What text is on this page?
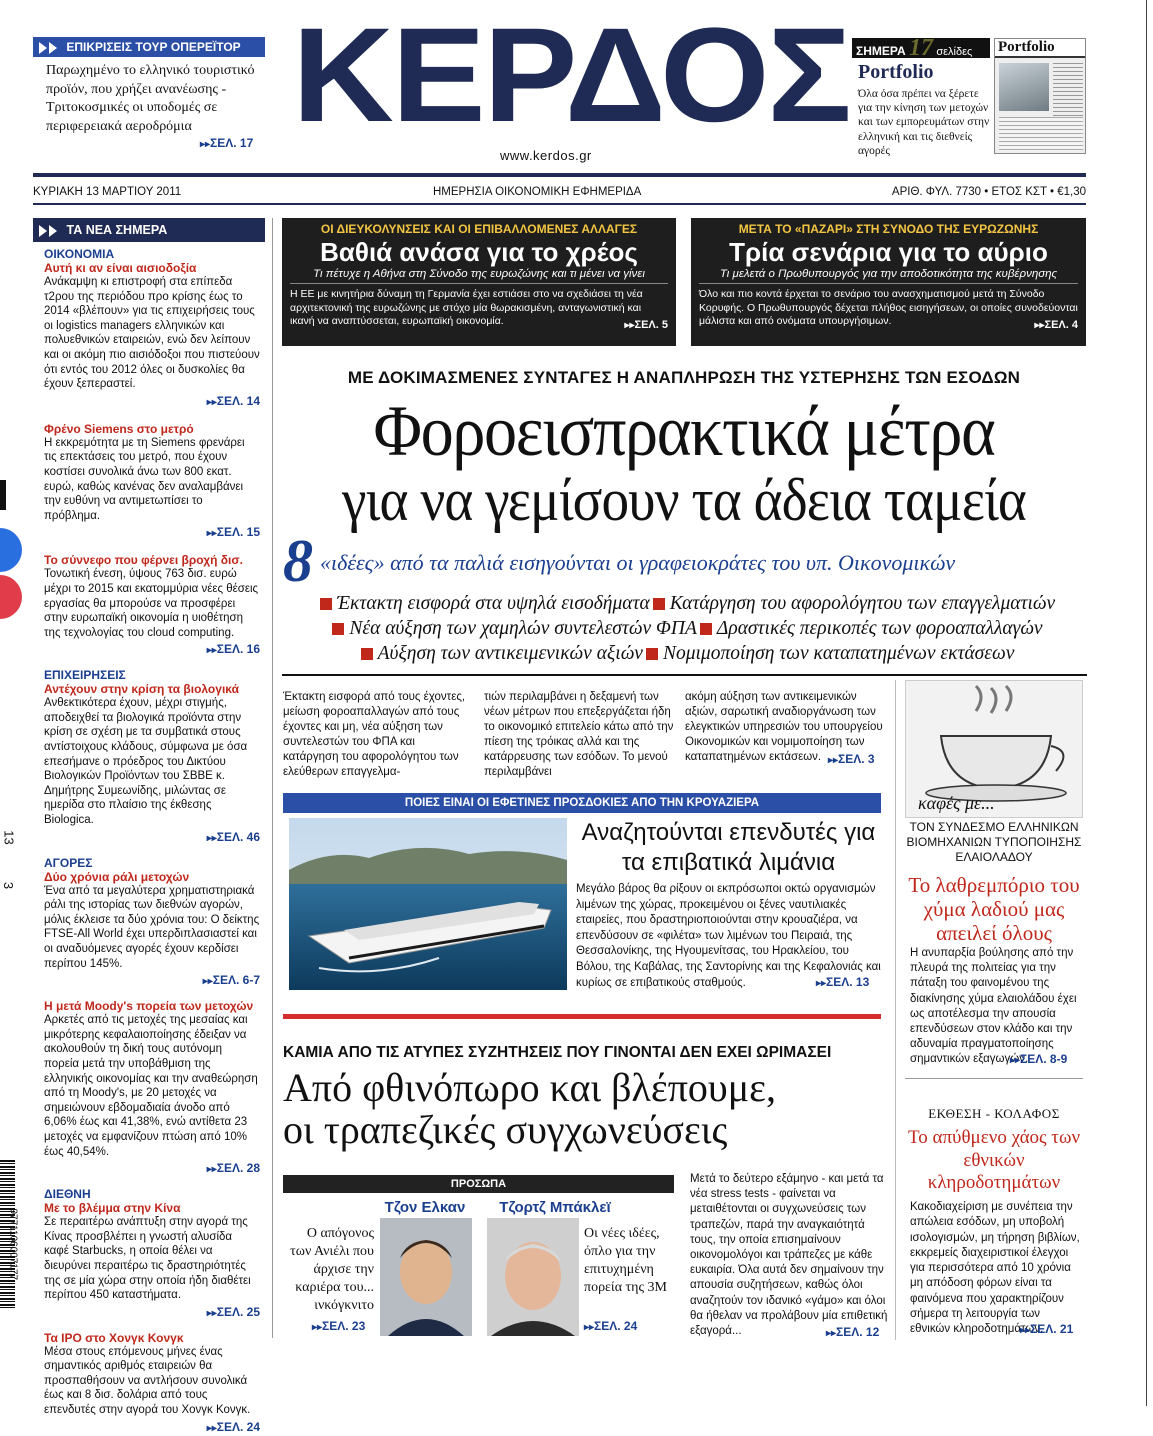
13
3
9771106007177
ΕΠΙΚΡΙΣΕΙΣ ΤΟΥΡ ΟΠΕΡΕΪΤΟΡ
Παρωχημένο το ελληνικό τουριστικό προϊόν, που χρήζει ανανέωσης - Τριτοκοσμικές οι υποδομές σε περιφερειακά αεροδρόμια
▸▸ ΣΕΛ. 17 ΚΕΡΔΟΣ
www.kerdos.gr
ΣΗΜΕΡΑ 17 σελίδες
Portfolio
Όλα όσα πρέπει να ξέρετε για την κίνηση των μετοχών και των εμπορευμάτων στην ελληνική και τις διεθνείς αγορές
Portfolio
ΚΥΡΙΑΚΗ 13 ΜΑΡΤΙΟΥ 2011	ΗΜΕΡΗΣΙΑ ΟΙΚΟΝΟΜΙΚΗ ΕΦΗΜΕΡΙΔΑ	ΑΡΙΘ. ΦΥΛ. 7730 • ΕΤΟΣ ΚΣΤ • €1,30
ΤΑ ΝΕΑ ΣΗΜΕΡΑ
ΟΙΚΟΝΟΜΙΑ
Αυτή κι αν είναι αισιοδοξία
Ανάκαμψη κι επιστροφή στα επίπεδα τ2ρου της περιόδου προ κρίσης έως το 2014 «βλέπουν» για τις επιχειρήσεις τους οι logistics managers ελληνικών και πολυεθνικών εταιρειών, ενώ δεν λείπουν και οι ακόμη πιο αισιόδοξοι που πιστεύουν ότι εντός του 2012 όλες οι δυσκολίες θα έχουν ξεπεραστεί.
▸▸ ΣΕΛ. 14
Φρένο Siemens στο μετρό
Η εκκρεμότητα με τη Siemens φρενάρει τις επεκτάσεις του μετρό, που έχουν κοστίσει συνολικά άνω των 800 εκατ. ευρώ, καθώς κανένας δεν αναλαμβάνει την ευθύνη να αντιμετωπίσει το πρόβλημα.
▸▸ ΣΕΛ. 15
Το σύννεφο που φέρνει βροχή δισ.
Τονωτική ένεση, ύψους 763 δισ. ευρώ μέχρι το 2015 και εκατομμύρια νέες θέσεις εργασίας θα μπορούσε να προσφέρει στην ευρωπαϊκή οικονομία η υιοθέτηση της τεχνολογίας του cloud computing.
▸▸ ΣΕΛ. 16
ΕΠΙΧΕΙΡΗΣΕΙΣ
Αντέχουν στην κρίση τα βιολογικά
Ανθεκτικότερα έχουν, μέχρι στιγμής, αποδειχθεί τα βιολογικά προϊόντα στην κρίση σε σχέση με τα συμβατικά στους αντίστοιχους κλάδους, σύμφωνα με όσα επεσήμανε ο πρόεδρος του Δικτύου Βιολογικών Προϊόντων του ΣΒΒΕ κ. Δημήτρης Συμεωνίδης, μιλώντας σε ημερίδα στο πλαίσιο της έκθεσης Biologica.
▸▸ ΣΕΛ. 46
ΑΓΟΡΕΣ
Δύο χρόνια ράλι μετοχών
Ένα από τα μεγαλύτερα χρηματιστηριακά ράλι της ιστορίας των διεθνών αγορών, μόλις έκλεισε τα δύο χρόνια του: Ο δείκτης FTSE-All World έχει υπερδιπλασιαστεί και οι αναδυόμενες αγορές έχουν κερδίσει περίπου 145%.
▸▸ ΣΕΛ. 6-7
Η μετά Moody's πορεία των μετοχών
Αρκετές από τις μετοχές της μεσαίας και μικρότερης κεφαλαιοποίησης έδειξαν να ακολουθούν τη δική τους αυτόνομη πορεία μετά την υποβάθμιση της ελληνικής οικονομίας και την αναθεώρηση από τη Moody's, με 20 μετοχές να σημειώνουν εβδομαδιαία άνοδο από 6,06% έως και 41,38%, ενώ αντίθετα 23 μετοχές να εμφανίζουν πτώση από 10% έως 40,54%.
▸▸ ΣΕΛ. 28
ΔΙΕΘΝΗ
Με το βλέμμα στην Κίνα
Σε περαιτέρω ανάπτυξη στην αγορά της Κίνας προσβλέπει η γνωστή αλυσίδα καφέ Starbucks, η οποία θέλει να διευρύνει περαιτέρω τις δραστηριότητές της σε μία χώρα στην οποία ήδη διαθέτει περίπου 450 καταστήματα.
▸▸ ΣΕΛ. 25
Τα IPO στο Χονγκ Κονγκ
Μέσα στους επόμενους μήνες ένας σημαντικός αριθμός εταιρειών θα προσπαθήσουν να αντλήσουν συνολικά έως και 8 δισ. δολάρια από τους επενδυτές στην αγορά του Χονγκ Κονγκ.
▸▸ ΣΕΛ. 24
ΟΙ ΔΙΕΥΚΟΛΥΝΣΕΙΣ ΚΑΙ ΟΙ ΕΠΙΒΑΛΛΟΜΕΝΕΣ ΑΛΛΑΓΕΣ
Βαθιά ανάσα για το χρέος
Τι πέτυχε η Αθήνα στη Σύνοδο της ευρωζώνης και τι μένει να γίνει
Η ΕΕ με κινητήρια δύναμη τη Γερμανία έχει εστιάσει στο να σχεδιάσει τη νέα αρχιτεκτονική της ευρωζώνης με στόχο μία θωρακισμένη, ανταγωνιστική και ικανή να αναπτύσσεται, ευρωπαϊκή οικονομία.	▸▸ ΣΕΛ. 5
ΜΕΤΑ ΤΟ «ΠΑΖΑΡΙ» ΣΤΗ ΣΥΝΟΔΟ ΤΗΣ ΕΥΡΩΖΩΝΗΣ
Τρία σενάρια για το αύριο
Τι μελετά ο Πρωθυπουργός για την αποδοτικότητα της κυβέρνησης
Όλο και πιο κοντά έρχεται το σενάριο του ανασχηματισμού μετά τη Σύνοδο Κορυφής. Ο Πρωθυπουργός δέχεται πλήθος εισηγήσεων, οι οποίες συνοδεύονται μάλιστα και από ονόματα υπουργήσιμων.	▸▸ ΣΕΛ. 4
ΜΕ ΔΟΚΙΜΑΣΜΕΝΕΣ ΣΥΝΤΑΓΕΣ Η ΑΝΑΠΛΗΡΩΣΗ ΤΗΣ ΥΣΤΕΡΗΣΗΣ ΤΩΝ ΕΣΟΔΩΝ
Φοροεισπρακτικά μέτρα
για να γεμίσουν τα άδεια ταμεία
8 «ιδέες» από τα παλιά εισηγούνται οι γραφειοκράτες του υπ. Οικονομικών
Έκτακτη εισφορά στα υψηλά εισοδήματα Κατάργηση του αφορολόγητου των επαγγελματιών
Νέα αύξηση των χαμηλών συντελεστών ΦΠΑ Δραστικές περικοπές των φοροαπαλλαγών
Αύξηση των αντικειμενικών αξιών Νομιμοποίηση των καταπατημένων εκτάσεων
Έκτακτη εισφορά από τους έχοντες, μείωση φοροαπαλλαγών από τους έχοντες και μη, νέα αύξηση των συντελεστών του ΦΠΑ και κατάργηση του αφορολόγητου των ελεύθερων επαγγελμα-
τιών περιλαμβάνει η δεξαμενή των νέων μέτρων που επεξεργάζεται ήδη το οικονομικό επιτελείο κάτω από την πίεση της τρόικας αλλά και της κατάρρευσης των εσόδων. Το μενού περιλαμβάνει
ακόμη αύξηση των αντικειμενικών αξιών, σαρωτική αναδιοργάνωση των ελεγκτικών υπηρεσιών του υπουργείου Οικονομικών και νομιμοποίηση των καταπατημένων εκτάσεων.	▸▸ ΣΕΛ. 3
καφές με...
ΤΟΝ ΣΥΝΔΕΣΜΟ ΕΛΛΗΝΙΚΩΝ ΒΙΟΜΗΧΑΝΙΩΝ ΤΥΠΟΠΟΙΗΣΗΣ ΕΛΑΙΟΛΑΔΟΥ
Το λαθρεμπόριο του χύμα λαδιού μας απειλεί όλους
Η ανυπαρξία βούλησης από την πλευρά της πολιτείας για την πάταξη του φαινομένου της διακίνησης χύμα ελαιολάδου έχει ως αποτέλεσμα την απουσία επενδύσεων στον κλάδο και την αδυναμία πραγματοποίησης σημαντικών εξαγωγών.
▸▸ ΣΕΛ. 8-9
ΠΟΙΕΣ ΕΙΝΑΙ ΟΙ ΕΦΕΤΙΝΕΣ ΠΡΟΣΔΟΚΙΕΣ ΑΠΟ ΤΗΝ ΚΡΟΥΑΖΙΕΡΑ
Αναζητούνται επενδυτές για τα επιβατικά λιμάνια
Μεγάλο βάρος θα ρίξουν οι εκπρόσωποι οκτώ οργανισμών λιμένων της χώρας, προκειμένου οι ξένες ναυτιλιακές εταιρείες, που δραστηριοποιούνται στην κρουαζιέρα, να επενδύσουν σε «φιλέτα» των λιμένων του Πειραιά, της Θεσσαλονίκης, της Ηγουμενίτσας, του Ηρακλείου, του Βόλου, της Καβάλας, της Σαντορίνης και της Κεφαλονιάς και κυρίως σε επιβατικούς σταθμούς.	▸▸ ΣΕΛ. 13
ΚΑΜΙΑ ΑΠΟ ΤΙΣ ΑΤΥΠΕΣ ΣΥΖΗΤΗΣΕΙΣ ΠΟΥ ΓΙΝΟΝΤΑΙ ΔΕΝ ΕΧΕΙ ΩΡΙΜΑΣΕΙ
Από φθινόπωρο και βλέπουμε,
οι τραπεζικές συγχωνεύσεις
ΠΡΟΣΩΠΑ
Τζον Ελκαν	Τζορτζ Μπάκλεϊ
Ο απόγονος των Ανιέλι που άρχισε την καριέρα του... ινκόγκνιτο
▸▸ ΣΕΛ. 23
Οι νέες ιδέες, όπλο για την επιτυχημένη πορεία της 3M
▸▸ ΣΕΛ. 24
Μετά το δεύτερο εξάμηνο - και μετά τα νέα stress tests - φαίνεται να μεταιθέτονται οι συγχωνεύσεις των τραπεζών, παρά την αναγκαιότητά τους, την οποία επισημαίνουν οικονομολόγοι και τράπεζες με κάθε ευκαιρία. Όλα αυτά δεν σημαίνουν την απουσία συζητήσεων, καθώς όλοι αναζητούν τον ιδανικό «γάμο» και όλοι θα ήθελαν να προλάβουν μία επιθετική εξαγορά...	▸▸ ΣΕΛ. 12
ΕΚΘΕΣΗ - ΚΟΛΑΦΟΣ
Το απύθμενο χάος των εθνικών κληροδοτημάτων
Κακοδιαχείριση με συνέπεια την απώλεια εσόδων, μη υποβολή ισολογισμών, μη τήρηση βιβλίων, εκκρεμείς διαχειριστικοί έλεγχοι για περισσότερα από 10 χρόνια μη απόδοση φόρων είναι τα φαινόμενα που χαρακτηρίζουν σήμερα τη λειτουργία των εθνικών κληροδοτημάτων.
▸▸ ΣΕΛ. 21
